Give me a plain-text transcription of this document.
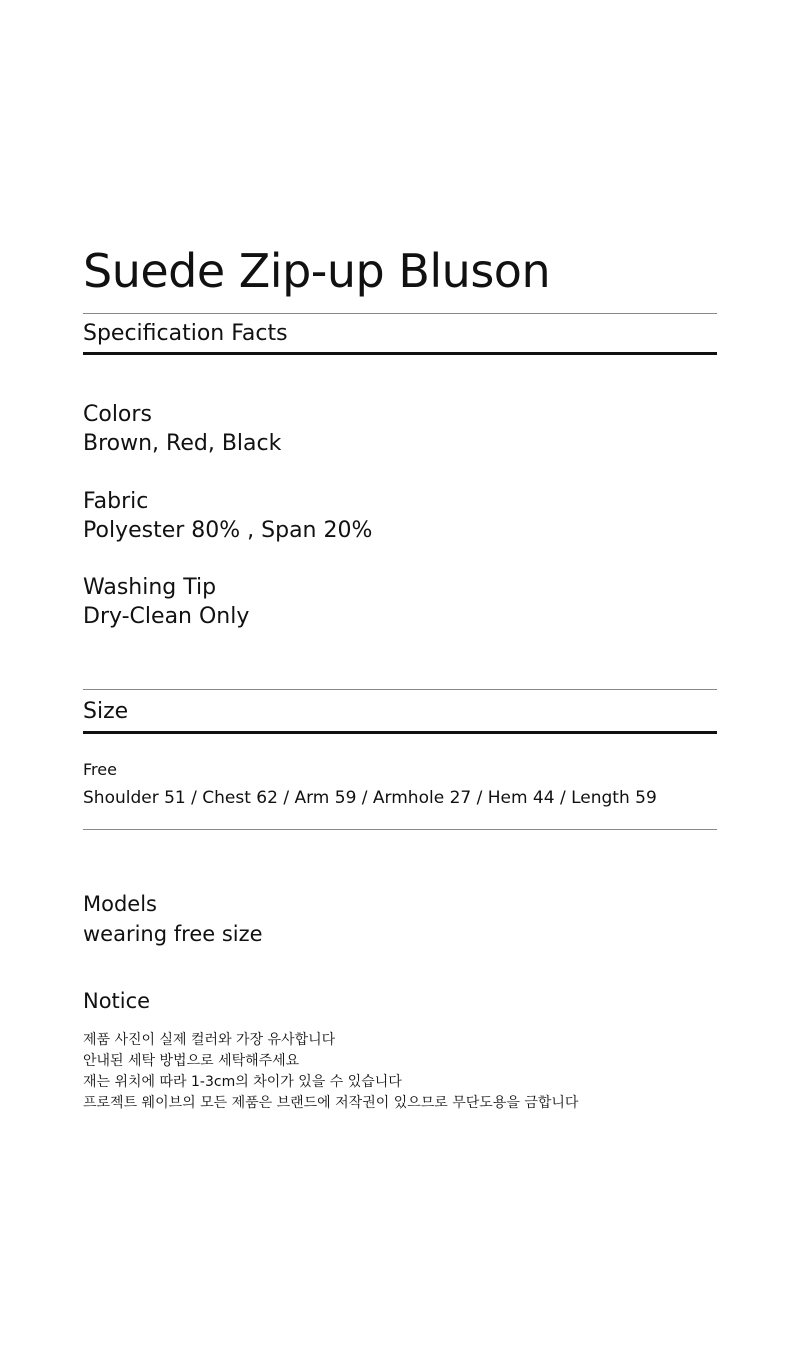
Suede Zip-up Bluson
Specification Facts
Colors
Brown, Red, Black
Fabric
Polyester 80% , Span 20%
Washing Tip
Dry-Clean Only
Size
Free
Shoulder 51 / Chest 62 / Arm 59 / Armhole 27 / Hem 44 / Length 59
Models
wearing free size
Notice
제품 사진이 실제 컬러와 가장 유사합니다
안내된 세탁 방법으로 세탁해주세요
재는 위치에 따라 1-3cm의 차이가 있을 수 있습니다
프로젝트 웨이브의 모든 제품은 브랜드에 저작권이 있으므로 무단도용을 금합니다
